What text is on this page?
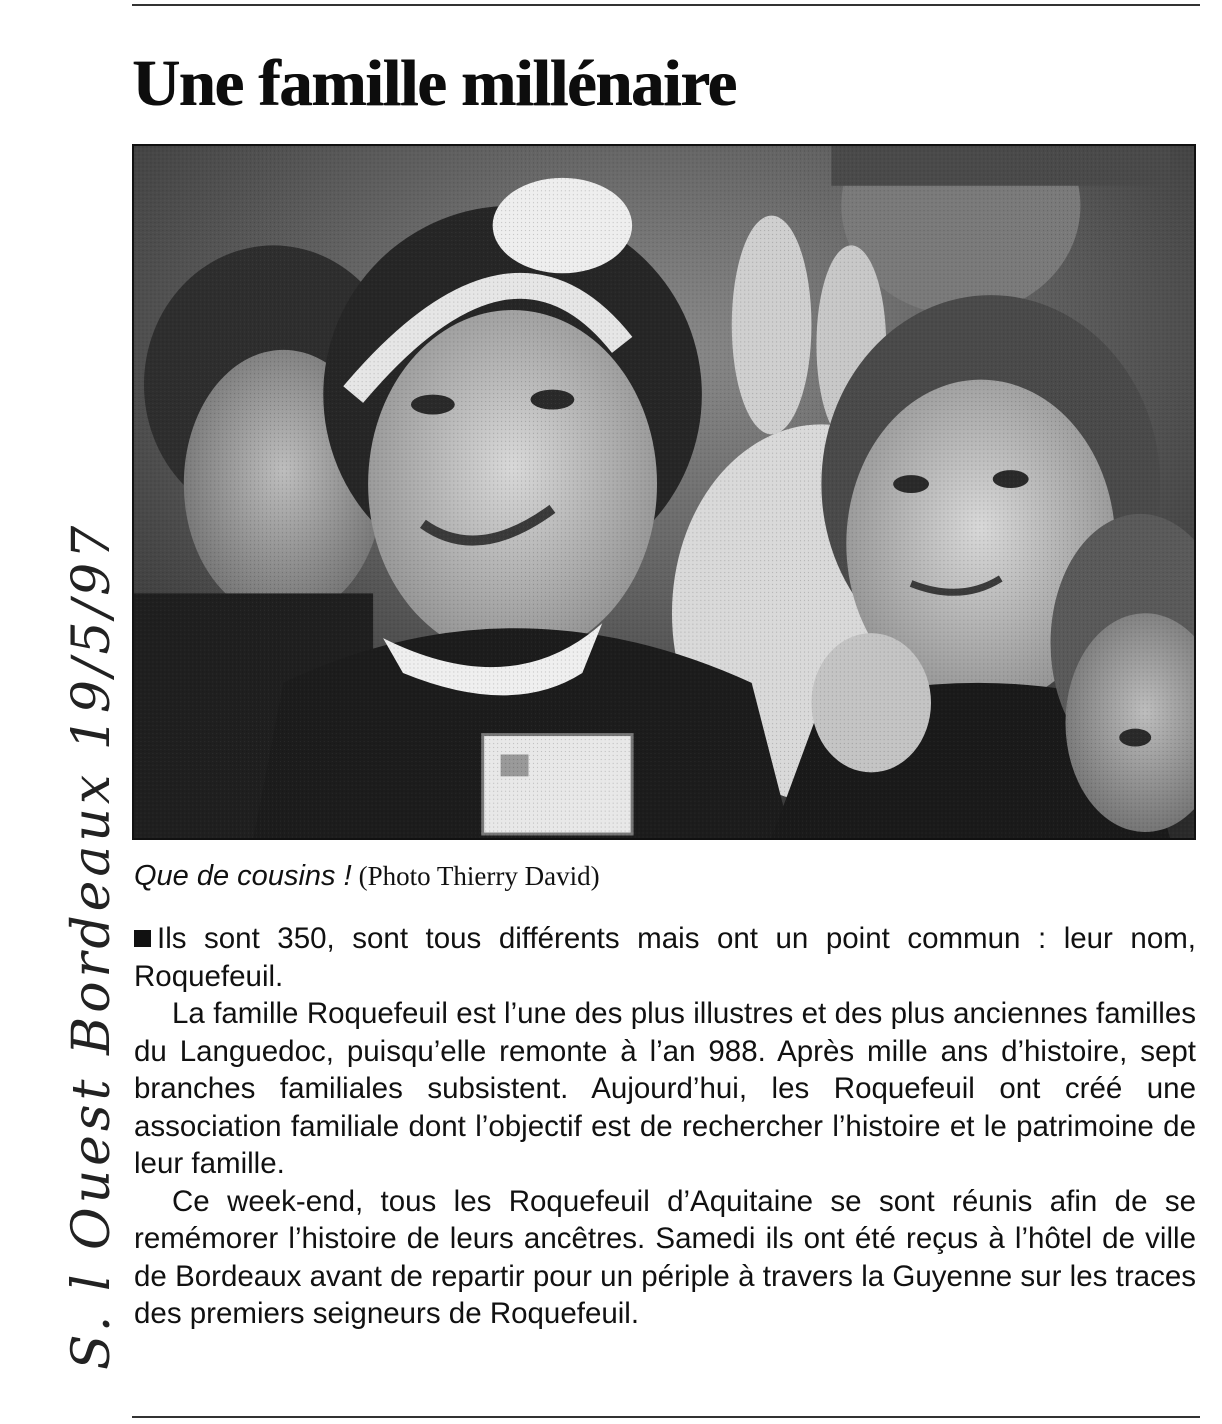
Une famille millénaire
Que de cousins ! (Photo Thierry David)

Ils sont 350, sont tous différents mais ont un point commun : leur nom, Roquefeuil.

La famille Roquefeuil est l’une des plus illustres et des plus anciennes familles du Languedoc, puisqu’elle remonte à l’an 988. Après mille ans d’histoire, sept branches familiales subsistent. Aujourd’hui, les Roquefeuil ont créé une association familiale dont l’objectif est de rechercher l’histoire et le patrimoine de leur famille.

Ce week-end, tous les Roquefeuil d’Aquitaine se sont réunis afin de se remémorer l’histoire de leurs ancêtres. Samedi ils ont été reçus à l’hôtel de ville de Bordeaux avant de repartir pour un périple à travers la Guyenne sur les traces des premiers seigneurs de Roquefeuil.

S. l Ouest Bordeaux 19/5/97
